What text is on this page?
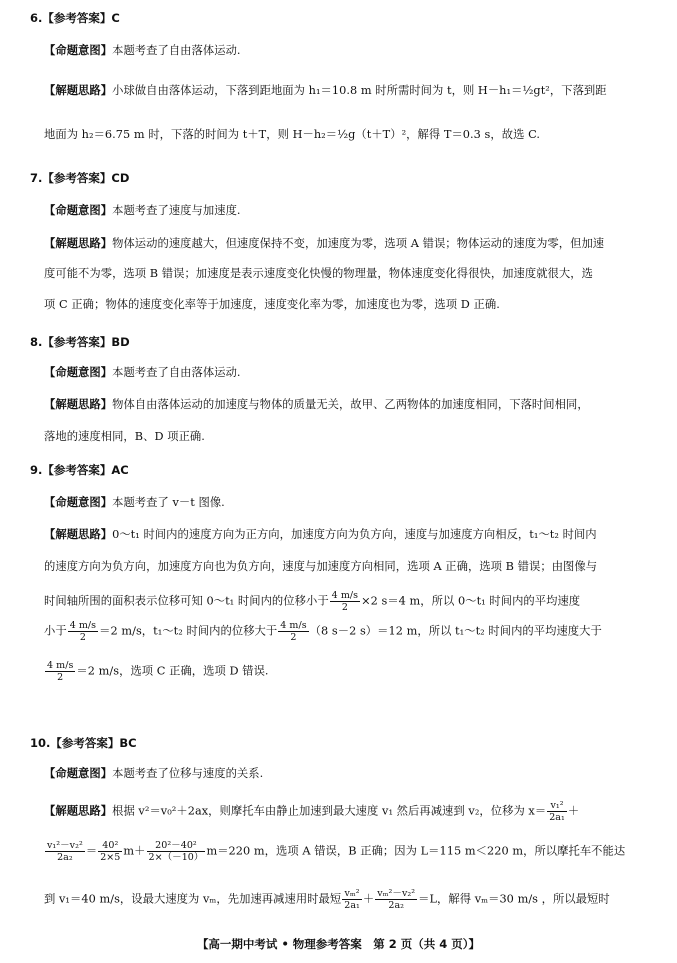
6.【参考答案】C
【命题意图】本题考查了自由落体运动.
【解题思路】小球做自由落体运动，下落到距地面为 h₁＝10.8 m 时所需时间为 t，则 H－h₁＝½gt²，下落到距
地面为 h₂＝6.75 m 时，下落的时间为 t＋T，则 H－h₂＝½g（t＋T）²，解得 T＝0.3 s，故选 C.
7.【参考答案】CD
【命题意图】本题考查了速度与加速度.
【解题思路】物体运动的速度越大，但速度保持不变，加速度为零，选项 A 错误；物体运动的速度为零，但加速
度可能不为零，选项 B 错误；加速度是表示速度变化快慢的物理量，物体速度变化得很快，加速度就很大，选
项 C 正确；物体的速度变化率等于加速度，速度变化率为零，加速度也为零，选项 D 正确.
8.【参考答案】BD
【命题意图】本题考查了自由落体运动.
【解题思路】物体自由落体运动的加速度与物体的质量无关，故甲、乙两物体的加速度相同，下落时间相同，
落地的速度相同，B、D 项正确.
9.【参考答案】AC
【命题意图】本题考查了 v－t 图像.
【解题思路】0～t₁ 时间内的速度方向为正方向，加速度方向为负方向，速度与加速度方向相反，t₁～t₂ 时间内
的速度方向为负方向，加速度方向也为负方向，速度与加速度方向相同，选项 A 正确，选项 B 错误；由图像与
时间轴所围的面积表示位移可知 0～t₁ 时间内的位移小于 $\frac{4 m/s}{2} \times 2$ s＝4 m，所以 0～t₁ 时间内的平均速度
小于 $\frac{4 m/s}{2} =2$ m/s，t₁～t₂ 时间内的位移大于 $\frac{4 m/s}{2} (8$ s－2 s）＝12 m，所以 t₁～t₂ 时间内的平均速度大于
$\frac{4 m/s}{2} =2$ m/s，选项 C 正确，选项 D 错误.
10.【参考答案】BC
【命题意图】本题考查了位移与速度的关系.
【解题思路】根据 v²＝v₀²＋2ax，则摩托车由静止加速到最大速度 v₁ 然后再减速到 v₂，位移为 $x= \frac{\text{v₁²}}{\text{2a₁}}$ ＋
$\frac{\text{v₁²－v₂²}}{\text{2a₂}} = \frac{\text{40²}}{2\times 5} m+ \frac{\text{20²－40²}}{2\times(-10)} m=220$ m，选项 A 错误，B 正确；因为 L＝115 m＜220 m，所以摩托车不能达
到 v₁＝40 m/s，设最大速度为 vₘ，先加速再减速用时最短 $\frac{\text{vₘ²}}{\text{2a₁}} + \frac{\text{vₘ²－v₂²}}{\text{2a₂}} =L$，解得 vₘ＝30 m/s ，所以最短时
【高一期中考试 • 物理参考答案　第 2 页（共 4 页）】
